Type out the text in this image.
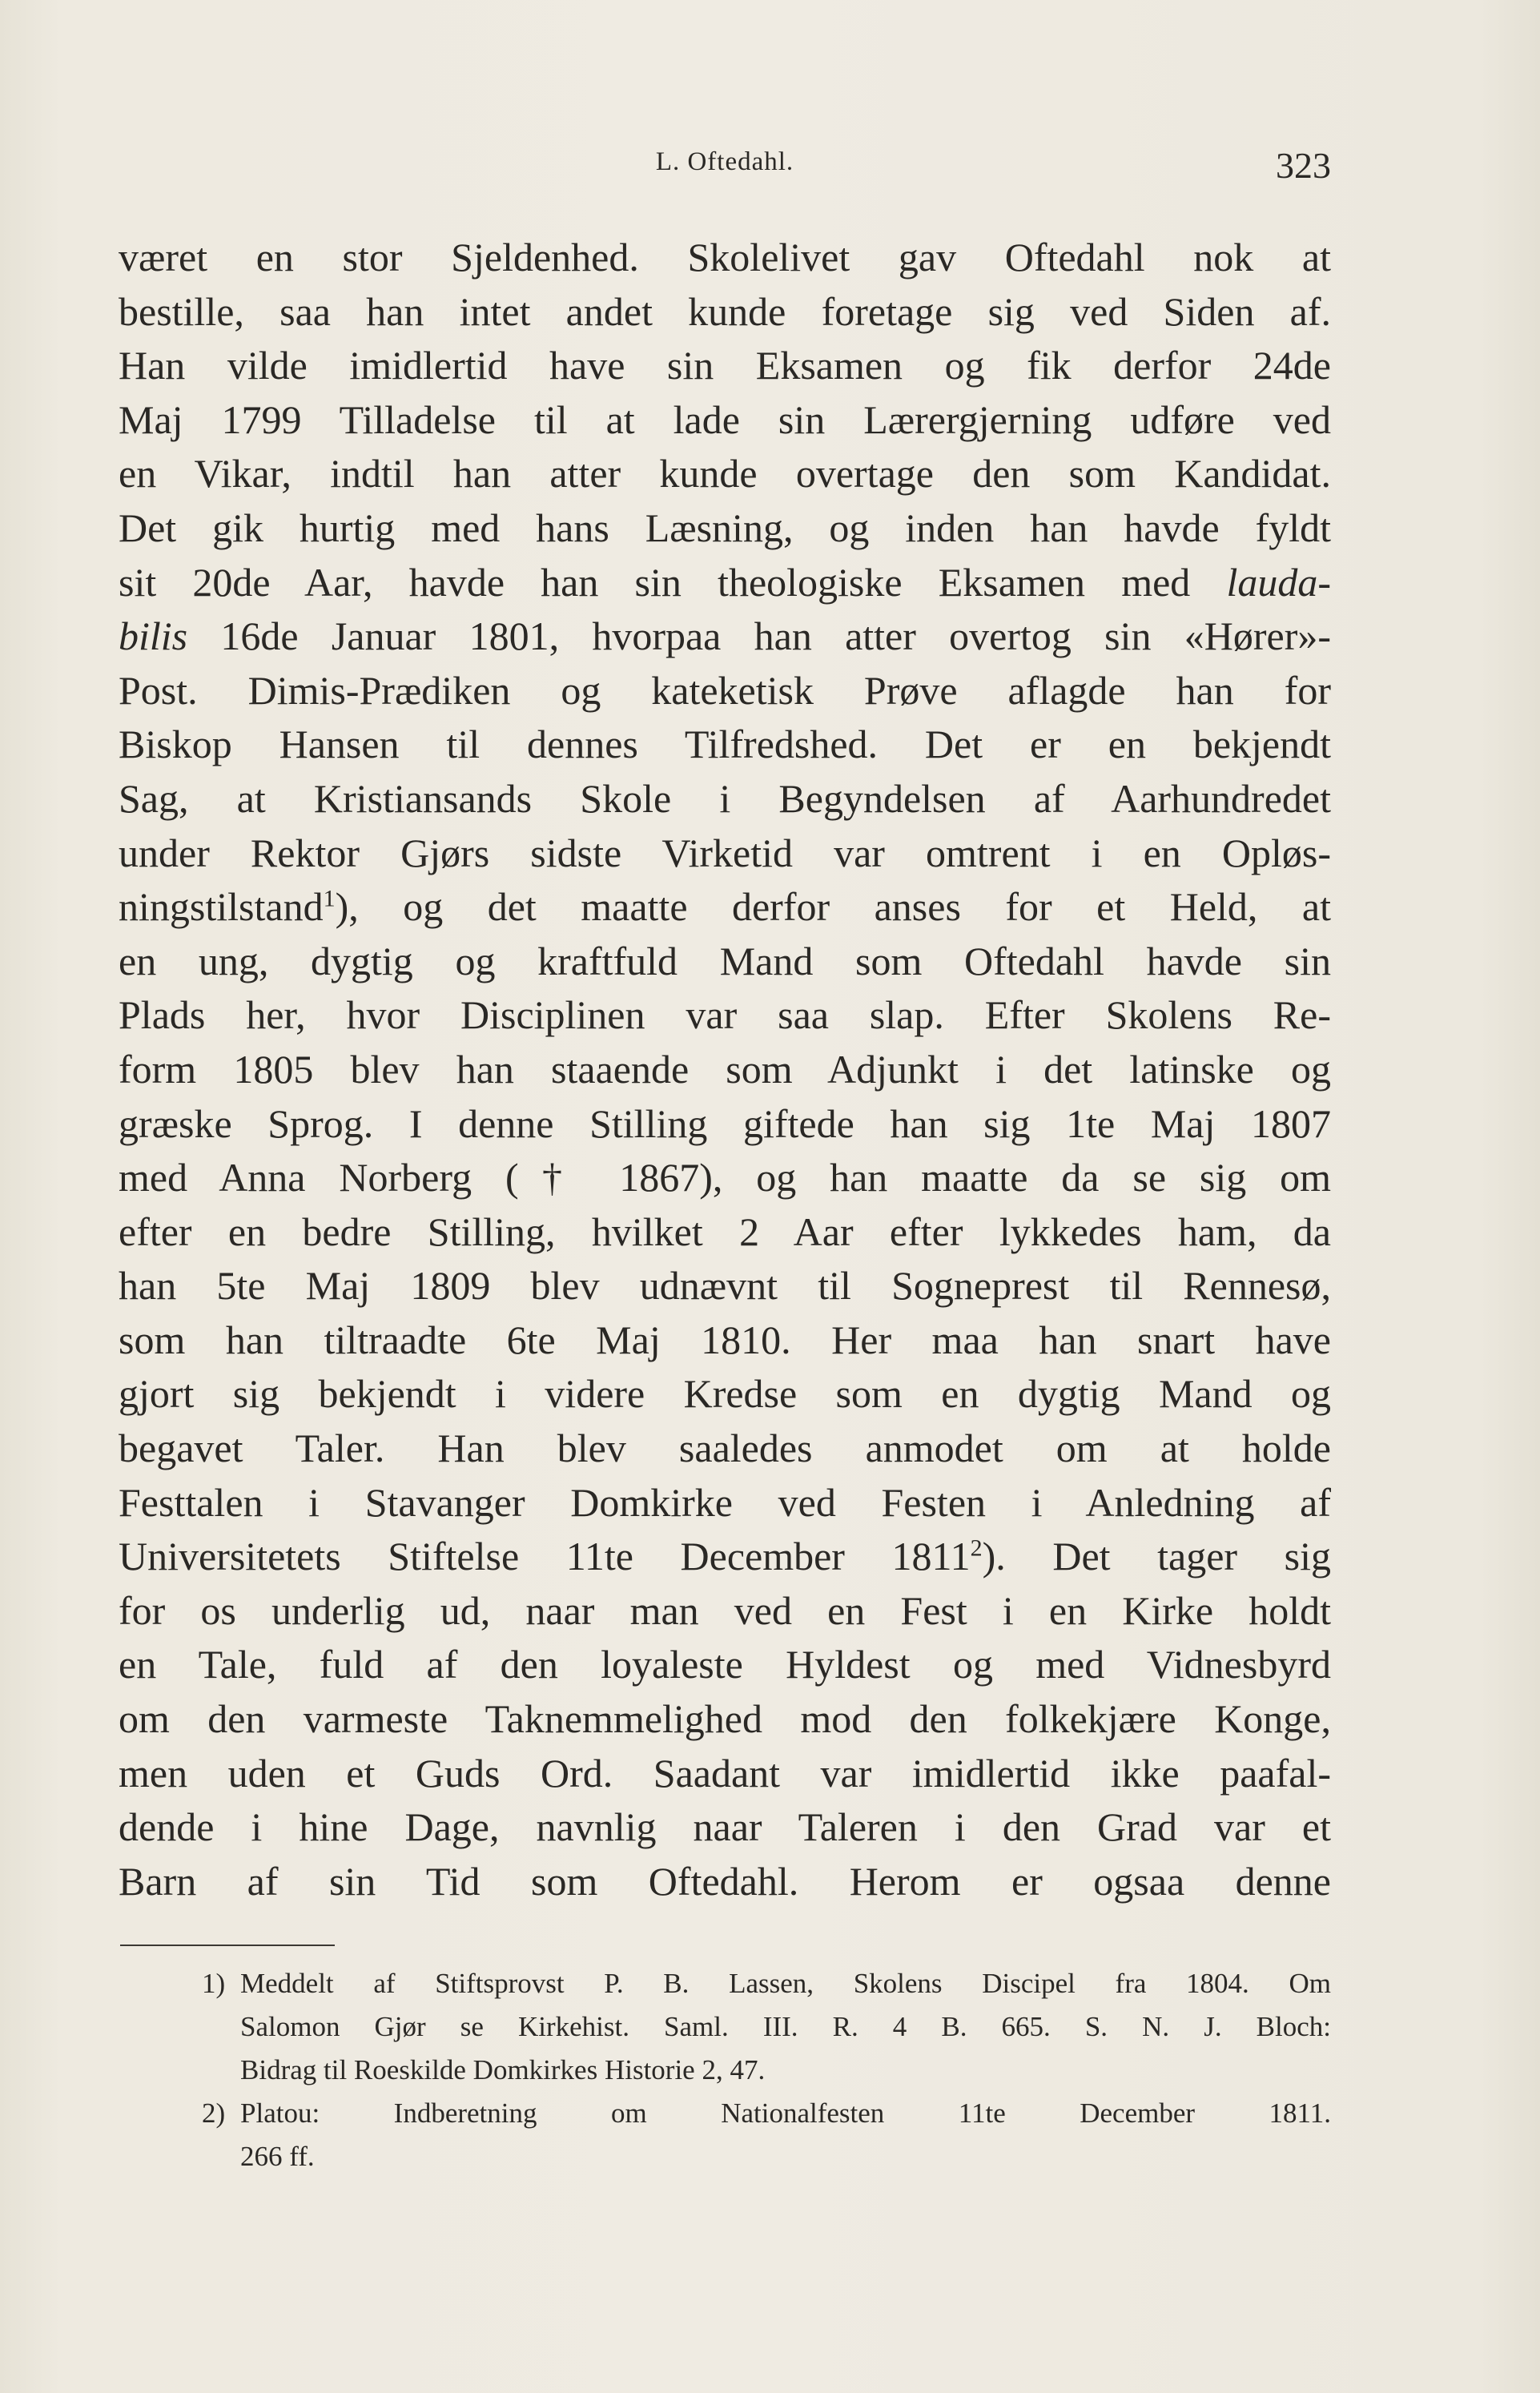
L. Oftedahl.	323
været en stor Sjeldenhed. Skolelivet gav Oftedahl nok at
bestille, saa han intet andet kunde foretage sig ved Siden af.
Han vilde imidlertid have sin Eksamen og fik derfor 24de
Maj 1799 Tilladelse til at lade sin Lærergjerning udføre ved
en Vikar, indtil han atter kunde overtage den som Kandidat.
Det gik hurtig med hans Læsning, og inden han havde fyldt
sit 20de Aar, havde han sin theologiske Eksamen med lauda-
bilis 16de Januar 1801, hvorpaa han atter overtog sin «Hører»-
Post. Dimis-Prædiken og kateketisk Prøve aflagde han for
Biskop Hansen til dennes Tilfredshed. Det er en bekjendt
Sag, at Kristiansands Skole i Begyndelsen af Aarhundredet
under Rektor Gjørs sidste Virketid var omtrent i en Opløs-
ningstilstand$^1$), og det maatte derfor anses for et Held, at
en ung, dygtig og kraftfuld Mand som Oftedahl havde sin
Plads her, hvor Disciplinen var saa slap. Efter Skolens Re-
form 1805 blev han staaende som Adjunkt i det latinske og
græske Sprog. I denne Stilling giftede han sig 1te Maj 1807
med Anna Norberg († 1867), og han maatte da se sig om
efter en bedre Stilling, hvilket 2 Aar efter lykkedes ham, da
han 5te Maj 1809 blev udnævnt til Sogneprest til Rennesø,
som han tiltraadte 6te Maj 1810. Her maa han snart have
gjort sig bekjendt i videre Kredse som en dygtig Mand og
begavet Taler. Han blev saaledes anmodet om at holde
Festtalen i Stavanger Domkirke ved Festen i Anledning af
Universitetets Stiftelse 11te December 1811$^2$). Det tager sig
for os underlig ud, naar man ved en Fest i en Kirke holdt
en Tale, fuld af den loyaleste Hyldest og med Vidnesbyrd
om den varmeste Taknemmelighed mod den folkekjære Konge,
men uden et Guds Ord. Saadant var imidlertid ikke paafal-
dende i hine Dage, navnlig naar Taleren i den Grad var et
Barn af sin Tid som Oftedahl. Herom er ogsaa denne
1) Meddelt af Stiftsprovst P. B. Lassen, Skolens Discipel fra 1804. Om
Salomon Gjør se Kirkehist. Saml. III. R. 4 B. 665. S. N. J. Bloch:
Bidrag til Roeskilde Domkirkes Historie 2, 47.
2) Platou: Indberetning om Nationalfesten 11te December 1811.
266 ff.
